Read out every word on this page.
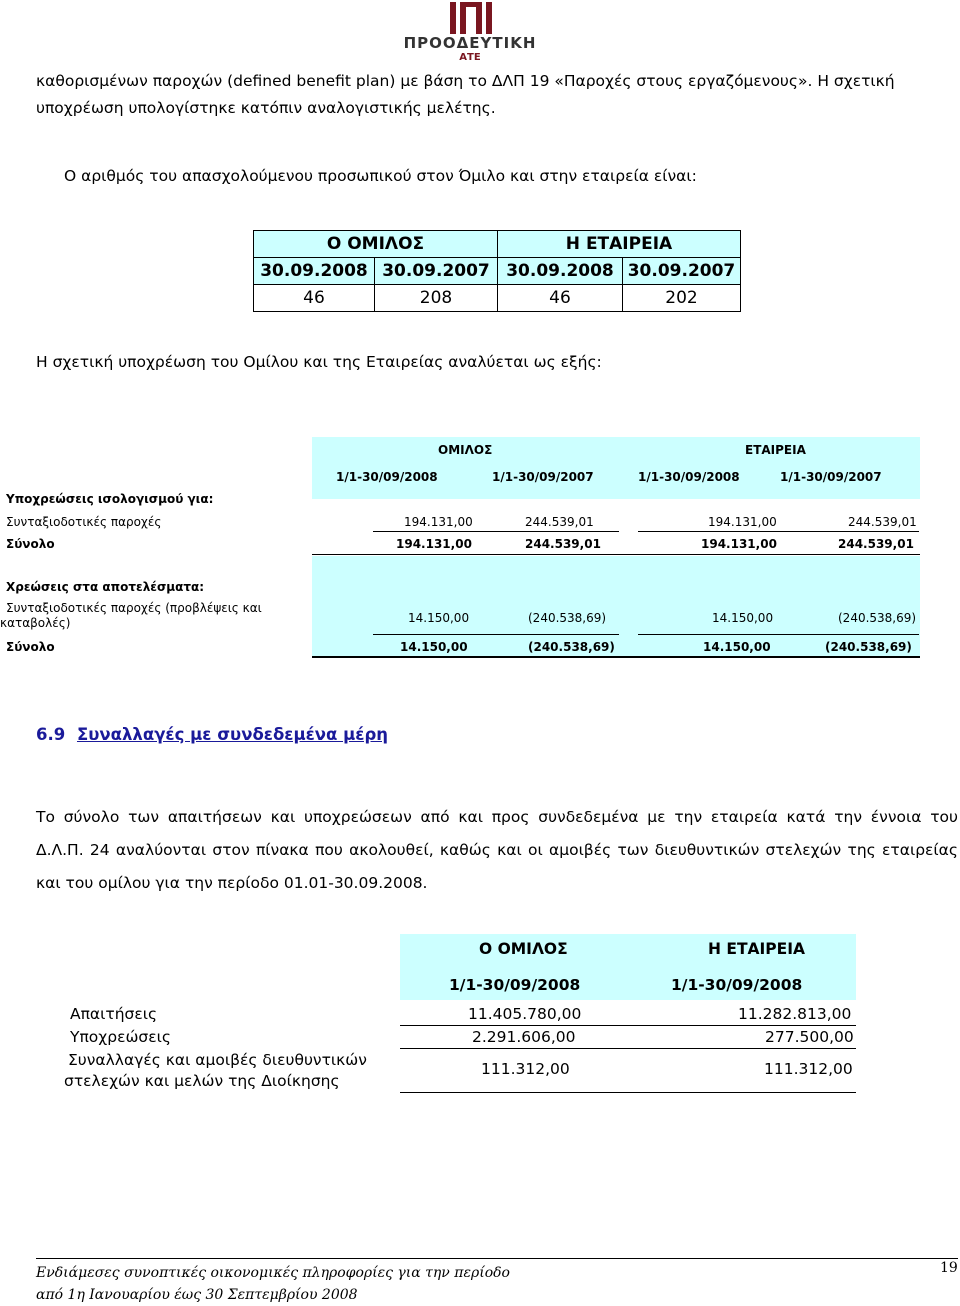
ΠΡΟΟΔΕΥΤΙΚΗ
ΑΤΕ
καθορισμένων παροχών (defined benefit plan) με βάση το ΔΛΠ 19 «Παροχές στους εργαζόμενους». Η σχετική
υποχρέωση υπολογίστηκε κατόπιν αναλογιστικής μελέτης.
Ο αριθμός του απασχολούμενου προσωπικού στον Όμιλο και στην εταιρεία είναι:
Ο ΟΜΙΛΟΣ		Η ΕΤΑΙΡΕΙΑ	
30.09.2008	30.09.2007	30.09.2008	30.09.2007
46	208	46	202
Η σχετική υποχρέωση του Ομίλου και της Εταιρείας αναλύεται ως εξής:
ΟΜΙΛΟΣ	ΕΤΑΙΡΕΙΑ
1/1-30/09/2008	1/1-30/09/2007	1/1-30/09/2008	1/1-30/09/2007
Υποχρεώσεις ισολογισμού για:
Συνταξιοδοτικές παροχές	194.131,00	244.539,01	194.131,00	244.539,01
Σύνολο	194.131,00	244.539,01	194.131,00	244.539,01
Χρεώσεις στα αποτελέσματα:
Συνταξιοδοτικές παροχές (προβλέψεις και
καταβολές)	14.150,00	(240.538,69)	14.150,00	(240.538,69)
Σύνολο	14.150,00	(240.538,69)	14.150,00	(240.538,69)
6.9 Συναλλαγές με συνδεδεμένα μέρη
Το σύνολο των απαιτήσεων και υποχρεώσεων από και προς συνδεδεμένα με την εταιρεία κατά την έννοια του
Δ.Λ.Π. 24 αναλύονται στον πίνακα που ακολουθεί, καθώς και οι αμοιβές των διευθυντικών στελεχών της εταιρείας
και του ομίλου για την περίοδο 01.01-30.09.2008.
Ο ΟΜΙΛΟΣ	Η ΕΤΑΙΡΕΙΑ
1/1-30/09/2008	1/1-30/09/2008
Απαιτήσεις	11.405.780,00	11.282.813,00
Υποχρεώσεις	2.291.606,00	277.500,00
Συναλλαγές και αμοιβές διευθυντικών
στελεχών και μελών της Διοίκησης
111.312,00	111.312,00
Ενδιάμεσες συνοπτικές οικονομικές πληροφορίες για την περίοδο
από 1η Ιανουαρίου έως 30 Σεπτεμβρίου 2008
19
